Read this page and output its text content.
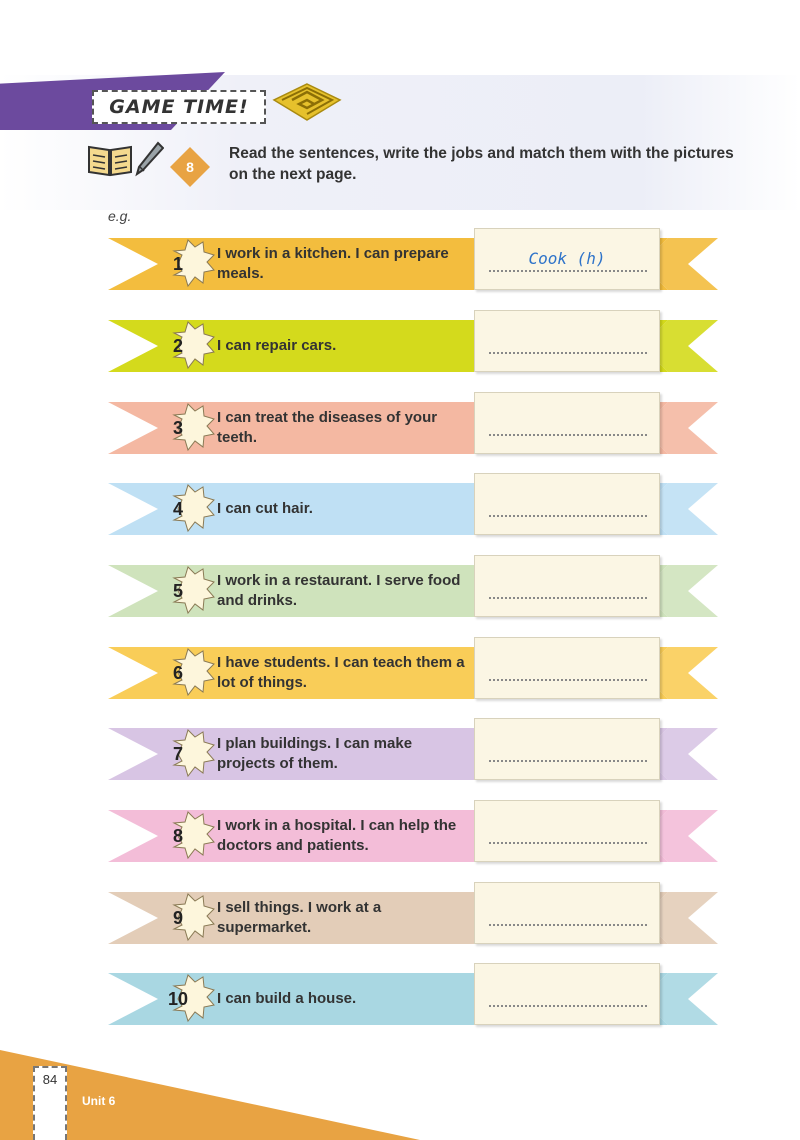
GAME TIME!
8
Read the sentences, write the jobs and match them with the pictures on the next page.
e.g.
1
I work in a kitchen. I can prepare meals.
Cook (h)
2	I can repair cars.
3
I can treat the diseases of your teeth.
4	I can cut hair.
5
I work in a restaurant. I serve food and drinks.
6
I have students. I can teach them a lot of things.
7
I plan buildings. I can make projects of them.
8
I work in a hospital. I can help the doctors and patients.
9
I sell things. I work at a supermarket.
10	I can build a house.
84
Unit 6
